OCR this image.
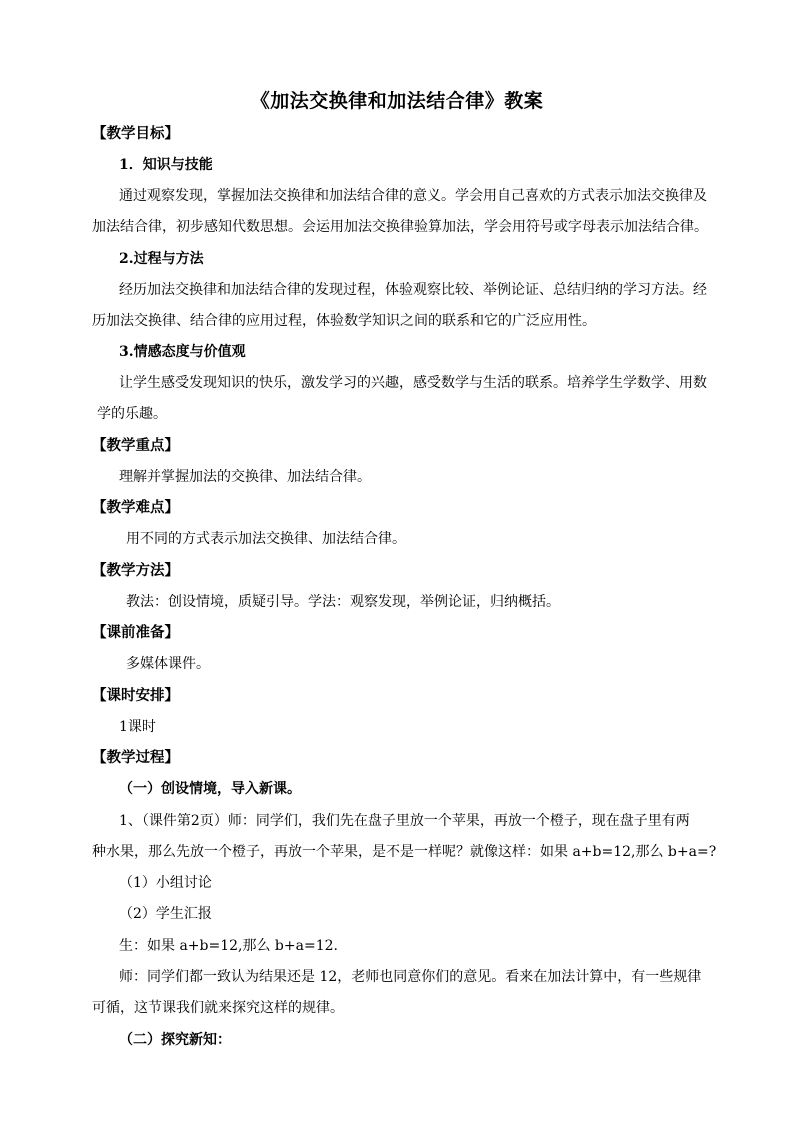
《加法交换律和加法结合律》教案
【教学目标】
1．知识与技能
通过观察发现，掌握加法交换律和加法结合律的意义。学会用自己喜欢的方式表示加法交换律及
加法结合律，初步感知代数思想。会运用加法交换律验算加法，学会用符号或字母表示加法结合律。
2.过程与方法
经历加法交换律和加法结合律的发现过程，体验观察比较、举例论证、总结归纳的学习方法。经
历加法交换律、结合律的应用过程，体验数学知识之间的联系和它的广泛应用性。
3.情感态度与价值观
让学生感受发现知识的快乐，激发学习的兴趣，感受数学与生活的联系。培养学生学数学、用数
学的乐趣。
【教学重点】
理解并掌握加法的交换律、加法结合律。
【教学难点】
用不同的方式表示加法交换律、加法结合律。
【教学方法】
教法：创设情境，质疑引导。学法：观察发现，举例论证，归纳概括。
【课前准备】
多媒体课件。
【课时安排】
1课时
【教学过程】
（一）创设情境，导入新课。
1、（课件第2页）师：同学们，我们先在盘子里放一个苹果，再放一个橙子，现在盘子里有两
种水果，那么先放一个橙子，再放一个苹果，是不是一样呢？就像这样：如果 a+b=12,那么 b+a=?
（1）小组讨论
（2）学生汇报
生：如果 a+b=12,那么 b+a=12.
师：同学们都一致认为结果还是 12，老师也同意你们的意见。看来在加法计算中，有一些规律
可循，这节课我们就来探究这样的规律。
（二）探究新知：
